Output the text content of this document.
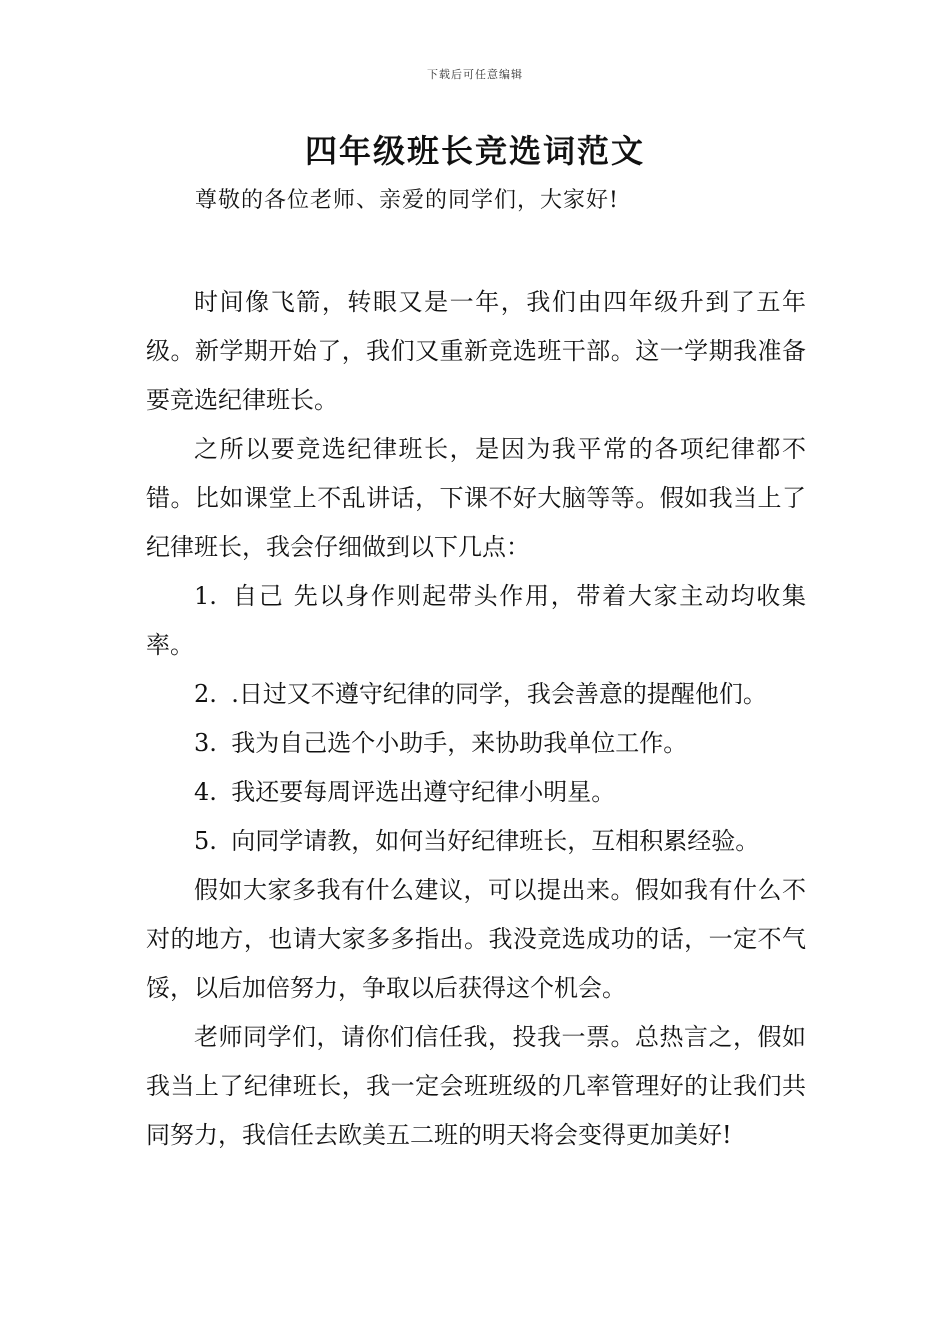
下载后可任意编辑
四年级班长竞选词范文
尊敬的各位老师、亲爱的同学们，大家好!

时间像飞箭，转眼又是一年，我们由四年级升到了五年级。新学期开始了，我们又重新竞选班干部。这一学期我准备要竞选纪律班长。

之所以要竞选纪律班长，是因为我平常的各项纪律都不错。比如课堂上不乱讲话，下课不好大脑等等。假如我当上了纪律班长，我会仔细做到以下几点：

1. 自己 先以身作则起带头作用，带着大家主动均收集率。

2. .日过又不遵守纪律的同学，我会善意的提醒他们。

3. 我为自己选个小助手，来协助我单位工作。

4. 我还要每周评选出遵守纪律小明星。

5. 向同学请教，如何当好纪律班长，互相积累经验。

假如大家多我有什么建议，可以提出来。假如我有什么不对的地方，也请大家多多指出。我没竞选成功的话，一定不气馁，以后加倍努力，争取以后获得这个机会。

老师同学们，请你们信任我，投我一票。总热言之，假如我当上了纪律班长，我一定会班班级的几率管理好的让我们共同努力，我信任去欧美五二班的明天将会变得更加美好!
